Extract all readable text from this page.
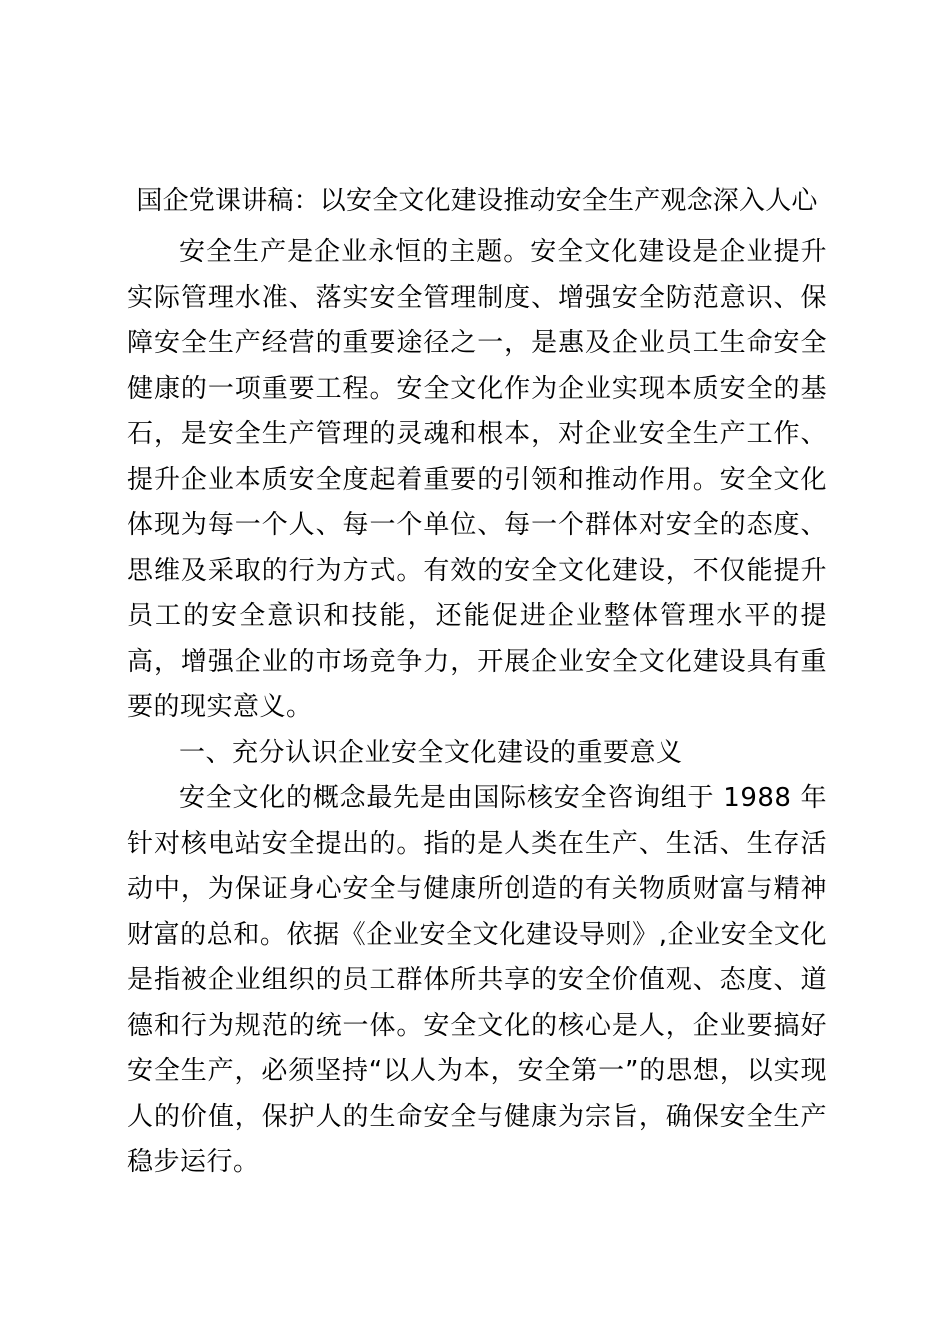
国企党课讲稿：以安全文化建设推动安全生产观念深入人心

安全生产是企业永恒的主题。安全文化建设是企业提升实际管理水准、落实安全管理制度、增强安全防范意识、保障安全生产经营的重要途径之一，是惠及企业员工生命安全健康的一项重要工程。安全文化作为企业实现本质安全的基石，是安全生产管理的灵魂和根本，对企业安全生产工作、提升企业本质安全度起着重要的引领和推动作用。安全文化体现为每一个人、每一个单位、每一个群体对安全的态度、思维及采取的行为方式。有效的安全文化建设，不仅能提升员工的安全意识和技能，还能促进企业整体管理水平的提高，增强企业的市场竞争力，开展企业安全文化建设具有重要的现实意义。

一、充分认识企业安全文化建设的重要意义

安全文化的概念最先是由国际核安全咨询组于 1988 年针对核电站安全提出的。指的是人类在生产、生活、生存活动中，为保证身心安全与健康所创造的有关物质财富与精神财富的总和。依据《企业安全文化建设导则》,企业安全文化是指被企业组织的员工群体所共享的安全价值观、态度、道德和行为规范的统一体。安全文化的核心是人，企业要搞好安全生产，必须坚持“以人为本，安全第一”的思想，以实现人的价值，保护人的生命安全与健康为宗旨，确保安全生产稳步运行。
